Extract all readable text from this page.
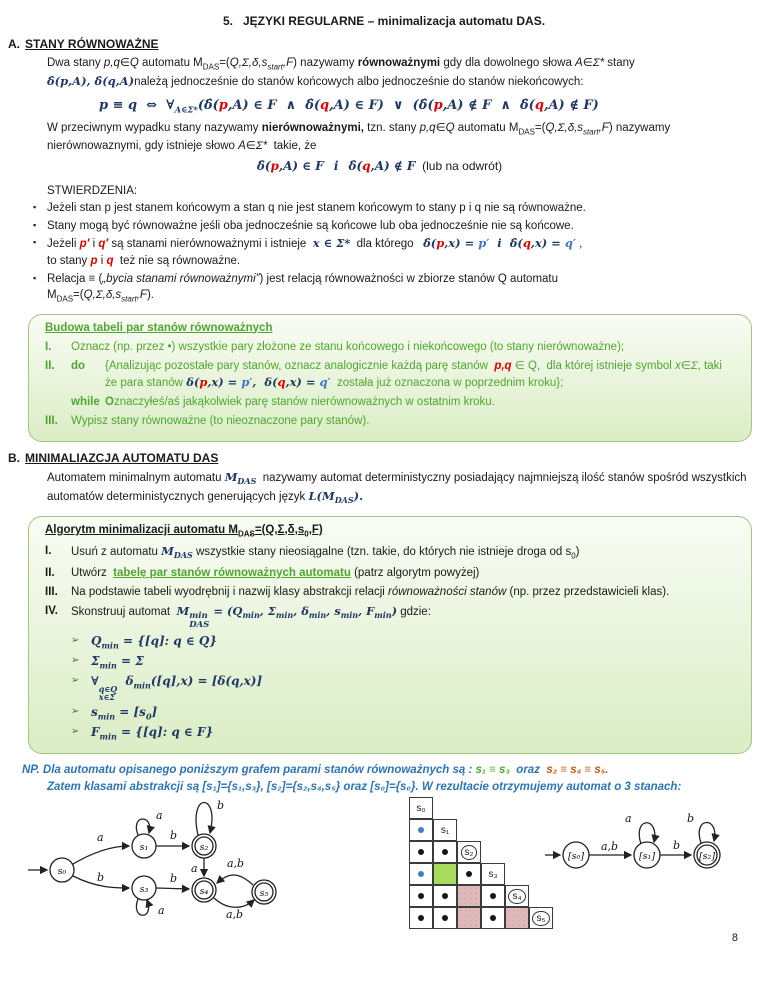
5.   JĘZYKI REGULARNE – minimalizacja automatu DAS.
A. STANY RÓWNOWAŻNE

Dwa stany p,q∈Q automatu $M_{DAS}=(Q,\Sigma,\delta,s_{start},F)$ nazywamy równoważnymi gdy dla dowolnego słowa A∈Σ* stany
δ̂(p,A), δ̂(q,A)należą jednocześnie do stanów końcowych albo jednocześnie do stanów niekońcowych:

p ≡ q  ⇔  $\forall_{A\in\Sigma*}(\deltâ(p,A)$ ∈ F  ∧  δ̂(q,A) ∈ F)  ∨  (δ̂(p,A) ∉ F  ∧  δ̂(q,A) ∉ F)

W przeciwnym wypadku stany nazywamy nierównoważnymi, tzn. stany p,q∈Q automatu $M_{DAS}=(Q,\Sigma,\delta,s_{start},F)$ nazywamy nierównowaznymi, gdy istnieje słowo A∈Σ*  takie, że

δ̂(p,A) ∈ F i δ̂(q,A) ∉ F  (lub na odwrót)
STWIERDZENIA:
▪ Jeżeli stan p jest stanem końcowym a stan q nie jest stanem końcowym to stany p i q nie są równoważne.
▪ Stany mogą być równoważne jeśli oba jednocześnie są końcowe lub oba jednocześnie nie są końcowe.
▪ Jeżeli p′ i q′ są stanami nierównoważnymi i istnieje  x ∈ Σ*  dla którego   δ̂(p,x) = p′  i  δ̂(q,x) = q′ ,
to stany p i q  też nie są równoważne.
▪ Relacja ≡ („bycia stanami równoważnymi”) jest relacją równoważności w zbiorze stanów Q automatu
$M_{DAS}=(Q,\Sigma,\delta,s_{start},F)$.
Budowa tabeli par stanów równoważnych
I.	Oznacz (np. przez •) wszystkie pary złożone ze stanu końcowego i niekońcowego (to stany nierównoważne);
II.	do	{Analizując pozostałe pary stanów, oznacz analogicznie każdą parę stanów  p,q ∈ Q,  dla której istnieje symbol x∈Σ, taki że para stanów δ(p,x) = p′,  δ(q,x) = q′  została już oznaczona w poprzednim kroku};
while Oznaczyłeś/aś jakąkolwiek parę stanów nierównoważnych w ostatnim kroku.
III.	Wypisz stany równoważne (to nieoznaczone pary stanów).
B. MINIMALIAZCJA AUTOMATU DAS

Automatem minimalnym automatu $M_{DAS}$  nazywamy automat deterministyczny posiadający najmniejszą ilość stanów spośród wszystkich automatów deterministycznych generujących język $L(M_{DAS})$.

Algorytm minimalizacji automatu $M_{DAS}=(Q,\Sigma,\delta,s_0,F)$
I.	Usuń z automatu $M_{DAS}$ wszystkie stany nieosiągalne (tzn. takie, do których nie istnieje droga od $s_0$)
II.	Utwórz  tabelę par stanów równoważnych automatu (patrz algorytm powyżej)
III.	Na podstawie tabeli wyodrębnij i nazwij klasy abstrakcji relacji równoważności stanów (np. przez przedstawicieli klas).
IV.	Skonstruuj automat  M min
DAS
= ($Q_{min}$, $\Sigma_{min}$, $\delta_{min}$, $s_{min}$, $F_{min}$) gdzie:
➢ $Q_{min} = \{[q]$: q ∈ Q}
➢ $\Sigma_{min} = \Sigma$
➢ ∀
q∈Q
x∈Σ
$\delta_{min}([q],x) = [\delta(q,x)]$
➢ $s_{min} = [s_0]$
➢ $F_{min} = \{[q]$: q ∈ F}
NP. Dla automatu opisanego poniższym grafem parami stanów równoważnych są : s₁ ≡ s₃  oraz  s₂ ≡ s₄ ≡ s₅.
Zatem klasami abstrakcji są [s₁]={s₁,s₃}, [s₂]={s₂,s₄,s₅} oraz [s₀]={s₀}. W rezultacie otrzymujemy automat o 3 stanach:
s₀
s₁	s₂
s₃	s₄	s₅
a
b
a
b
b
a
b
a
a,b
a,b
s₀
s₁
s₂
s₃
s₄
s₅
[s₀]	[s₁]	[s₂]
a,b
a
b
b
8
